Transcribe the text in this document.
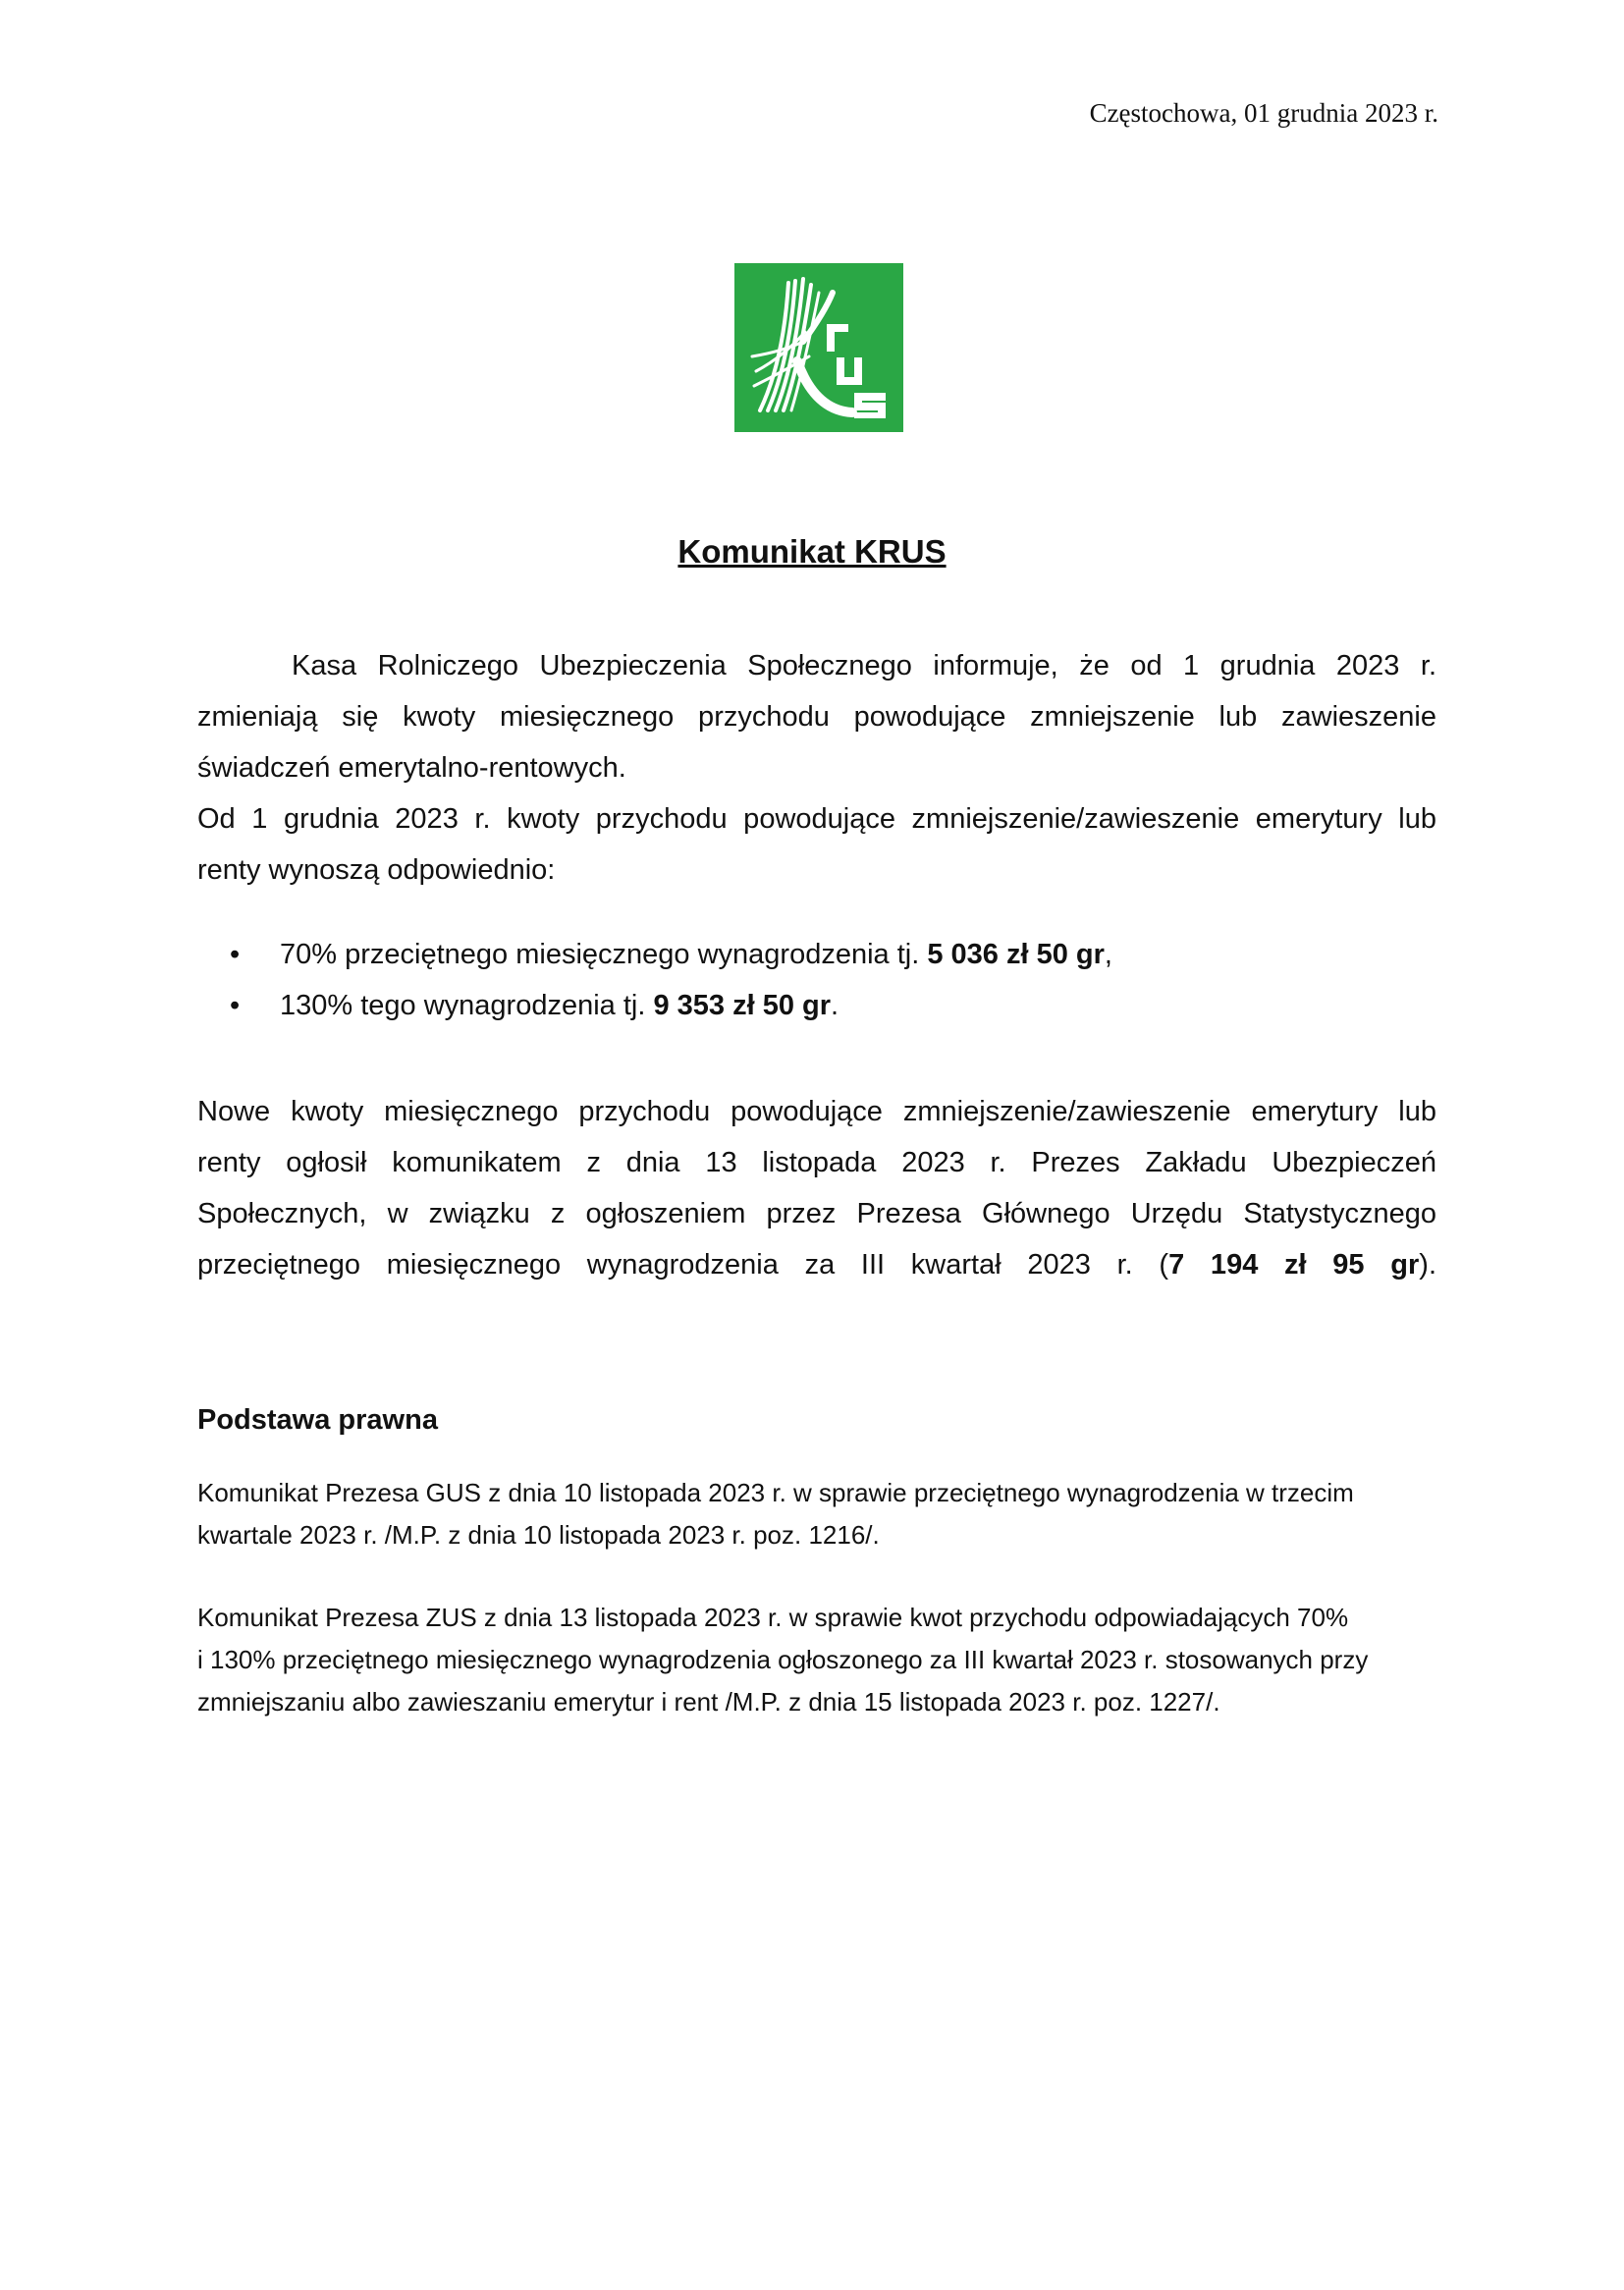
Częstochowa, 01 grudnia 2023 r.
Komunikat KRUS
Kasa Rolniczego Ubezpieczenia Społecznego informuje, że od 1 grudnia 2023 r.
zmieniają się kwoty miesięcznego przychodu powodujące zmniejszenie lub zawieszenie
świadczeń emerytalno-rentowych.
Od 1 grudnia 2023 r. kwoty przychodu powodujące zmniejszenie/zawieszenie emerytury lub
renty wynoszą odpowiednio:
• 70% przeciętnego miesięcznego wynagrodzenia tj. 5 036 zł 50 gr,
• 130% tego wynagrodzenia tj. 9 353 zł 50 gr.
Nowe kwoty miesięcznego przychodu powodujące zmniejszenie/zawieszenie emerytury lub
renty ogłosił komunikatem z dnia 13 listopada 2023 r. Prezes Zakładu Ubezpieczeń
Społecznych, w związku z ogłoszeniem przez Prezesa Głównego Urzędu Statystycznego
przeciętnego miesięcznego wynagrodzenia za III kwartał 2023 r. (7 194 zł 95 gr).
Podstawa prawna
Komunikat Prezesa GUS z dnia 10 listopada 2023 r. w sprawie przeciętnego wynagrodzenia w trzecim
kwartale 2023 r. /M.P. z dnia 10 listopada 2023 r. poz. 1216/.
Komunikat Prezesa ZUS z dnia 13 listopada 2023 r. w sprawie kwot przychodu odpowiadających 70%
i 130% przeciętnego miesięcznego wynagrodzenia ogłoszonego za III kwartał 2023 r. stosowanych przy
zmniejszaniu albo zawieszaniu emerytur i rent /M.P. z dnia 15 listopada 2023 r. poz. 1227/.
